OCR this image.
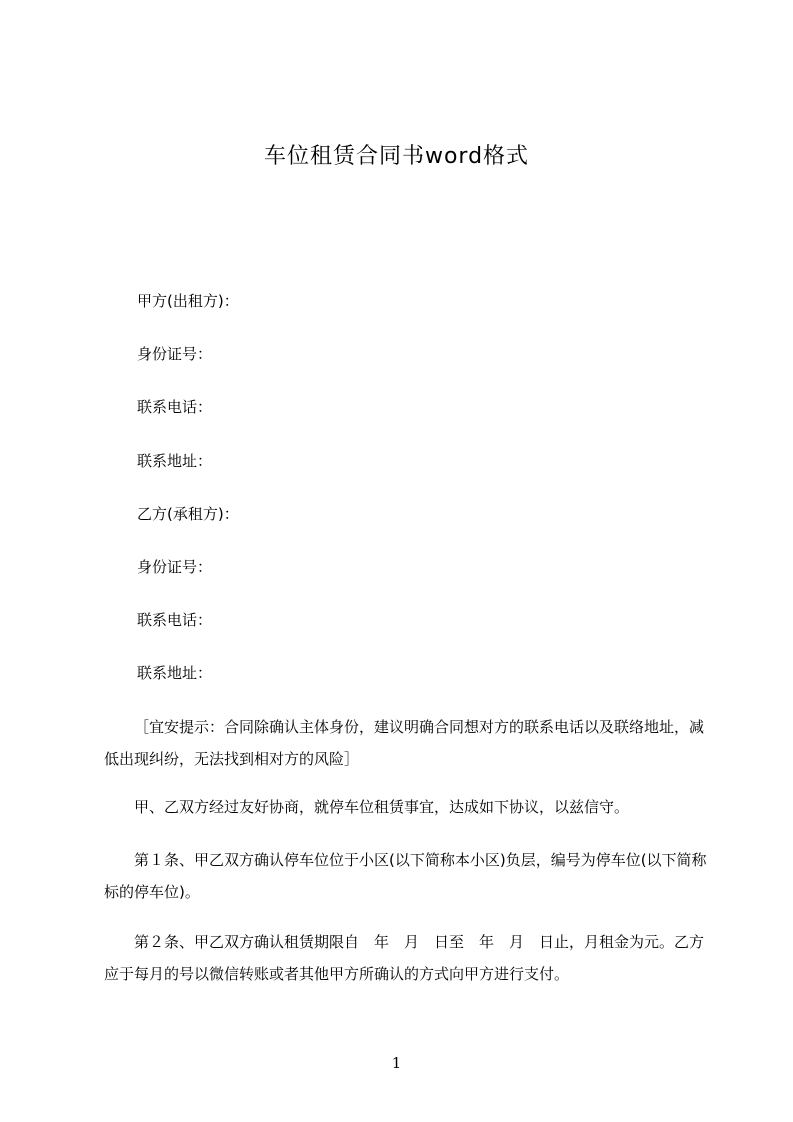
车位租赁合同书word格式
甲方(出租方)：
身份证号：
联系电话：
联系地址：
乙方(承租方)：
身份证号：
联系电话：
联系地址：
［宜安提示：合同除确认主体身份，建议明确合同想对方的联系电话以及联络地址，减低出现纠纷，无法找到相对方的风险］
甲、乙双方经过友好协商，就停车位租赁事宜，达成如下协议，以兹信守。
第１条、甲乙双方确认停车位位于小区(以下简称本小区)负层，编号为停车位(以下简称标的停车位)。
第２条、甲乙双方确认租赁期限自　年　月　日至　年　月　日止，月租金为元。乙方应于每月的号以微信转账或者其他甲方所确认的方式向甲方进行支付。
1
